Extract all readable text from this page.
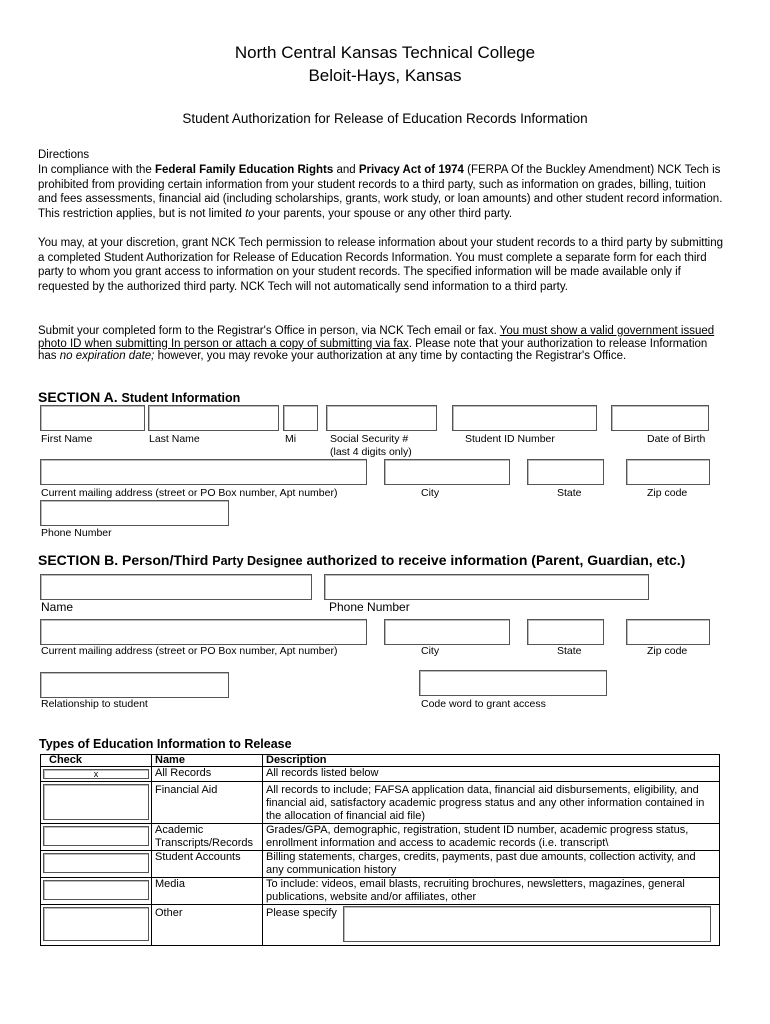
North Central Kansas Technical College
Beloit-Hays, Kansas
Student Authorization for Release of Education Records Information
Directions
In compliance with the Federal Family Education Rights and Privacy Act of 1974 (FERPA Of the Buckley Amendment) NCK Tech is prohibited from providing certain information from your student records to a third party, such as information on grades, billing, tuition and fees assessments, financial aid (including scholarships, grants, work study, or loan amounts) and other student record information. This restriction applies, but is not limited to your parents, your spouse or any other third party.
You may, at your discretion, grant NCK Tech permission to release information about your student records to a third party by submitting a completed Student Authorization for Release of Education Records Information. You must complete a separate form for each third party to whom you grant access to information on your student records. The specified information will be made available only if requested by the authorized third party. NCK Tech will not automatically send information to a third party.
Submit your completed form to the Registrar's Office in person, via NCK Tech email or fax. You must show a valid government issued photo ID when submitting In person or attach a copy of submitting via fax. Please note that your authorization to release Information has no expiration date; however, you may revoke your authorization at any time by contacting the Registrar's Office.
SECTION A. Student Information
First Name	Last Name	Mi	Social Security #
(last 4 digits only)
Student ID Number	Date of Birth
Current mailing address (street or PO Box number, Apt number)	City	State	Zip code
Phone Number
SECTION B. Person/Third Party Designee authorized to receive information (Parent, Guardian, etc.)
Name	Phone Number
Current mailing address (street or PO Box number, Apt number)	City	State	Zip code
Relationship to student	Code word to grant access
Types of Education Information to Release
Check	Name	Description

x	All Records	All records listed below

	Financial Aid	All records to include; FAFSA application data, financial aid disbursements, eligibility, and financial aid, satisfactory academic progress status and any other information contained in the allocation of financial aid file)

	Academic Transcripts/Records	Grades/GPA, demographic, registration, student ID number, academic progress status, enrollment information and access to academic records (i.e. transcript\

	Student Accounts	Billing statements, charges, credits, payments, past due amounts, collection activity, and any communication history

	Media	To include: videos, email blasts, recruiting brochures, newsletters, magazines, general publications, website and/or affiliates, other

	Other	Please specify
